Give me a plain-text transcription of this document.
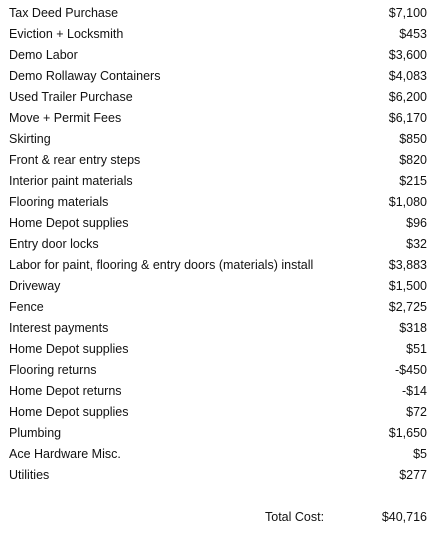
Tax Deed Purchase	$7,100
Eviction + Locksmith	$453
Demo Labor	$3,600
Demo Rollaway Containers	$4,083
Used Trailer Purchase	$6,200
Move + Permit Fees	$6,170
Skirting	$850
Front & rear entry steps	$820
Interior paint materials	$215
Flooring materials	$1,080
Home Depot supplies	$96
Entry door locks	$32
Labor for paint, flooring & entry doors (materials) install	$3,883
Driveway	$1,500
Fence	$2,725
Interest payments	$318
Home Depot supplies	$51
Flooring returns	-$450
Home Depot returns	-$14
Home Depot supplies	$72
Plumbing	$1,650
Ace Hardware Misc.	$5
Utilities	$277
Total Cost:	$40,716
